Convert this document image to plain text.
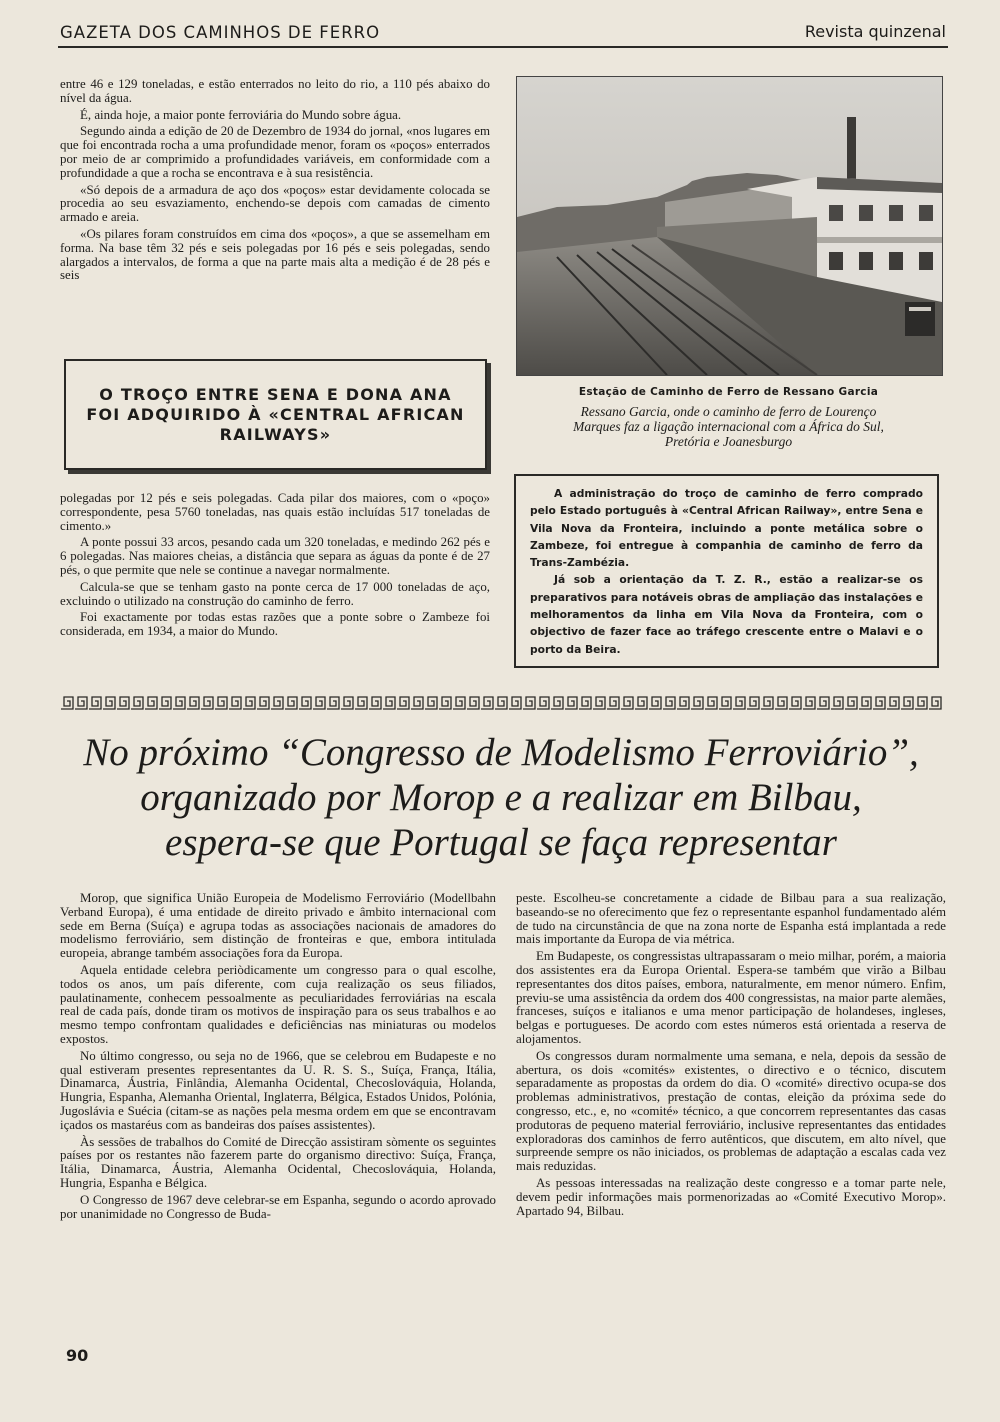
GAZETA DOS CAMINHOS DE FERRO	Revista quinzenal

entre 46 e 129 toneladas, e estão enterrados no leito do rio, a 110 pés abaixo do nível da água.

É, ainda hoje, a maior ponte ferroviária do Mundo sobre água.

Segundo ainda a edição de 20 de Dezembro de 1934 do jornal, «nos lugares em que foi encontrada rocha a uma profundidade menor, foram os «poços» enterrados por meio de ar comprimido a profundidades variáveis, em conformidade com a profundidade a que a rocha se encontrava e à sua resistência.

«Só depois de a armadura de aço dos «poços» estar devidamente colocada se procedia ao seu esvaziamento, enchendo-se depois com camadas de cimento armado e areia.

«Os pilares foram construídos em cima dos «poços», a que se assemelham em forma. Na base têm 32 pés e seis polegadas por 16 pés e seis polegadas, sendo alargados a intervalos, de forma a que na parte mais alta a medição é de 28 pés e seis

O TROÇO ENTRE SENA E DONA ANA
FOI ADQUIRIDO À «CENTRAL AFRICAN
RAILWAYS»

polegadas por 12 pés e seis polegadas. Cada pilar dos maiores, com o «poço» correspondente, pesa 5760 toneladas, nas quais estão incluídas 517 toneladas de cimento.»

A ponte possui 33 arcos, pesando cada um 320 toneladas, e medindo 262 pés e 6 polegadas. Nas maiores cheias, a distância que separa as águas da ponte é de 27 pés, o que permite que nele se continue a navegar normalmente.

Calcula-se que se tenham gasto na ponte cerca de 17 000 toneladas de aço, excluindo o utilizado na construção do caminho de ferro.

Foi exactamente por todas estas razões que a ponte sobre o Zambeze foi considerada, em 1934, a maior do Mundo.

Estação de Caminho de Ferro de Ressano Garcia
Ressano Garcia, onde o caminho de ferro de Lourenço
Marques faz a ligação internacional com a África do Sul,
Pretória e Joanesburgo

A administração do troço de caminho de ferro comprado pelo Estado português à «Central African Railway», entre Sena e Vila Nova da Fronteira, incluindo a ponte metálica sobre o Zambeze, foi entregue à companhia de caminho de ferro da Trans-Zambézia.

Já sob a orientação da T. Z. R., estão a realizar-se os preparativos para notáveis obras de ampliação das instalações e melhoramentos da linha em Vila Nova da Fronteira, com o objectivo de fazer face ao tráfego crescente entre o Malavi e o porto da Beira.

No próximo “Congresso de Modelismo Ferroviário”,
organizado por Morop e a realizar em Bilbau,
espera-se que Portugal se faça representar

Morop, que significa União Europeia de Modelismo Ferroviário (Modellbahn Verband Europa), é uma entidade de direito privado e âmbito internacional com sede em Berna (Suíça) e agrupa todas as associações nacionais de amadores do modelismo ferroviário, sem distinção de fronteiras e que, embora intitulada europeia, abrange também associações fora da Europa.

Aquela entidade celebra periòdicamente um congresso para o qual escolhe, todos os anos, um país diferente, com cuja realização os seus filiados, paulatinamente, conhecem pessoalmente as peculiaridades ferroviárias na escala real de cada país, donde tiram os motivos de inspiração para os seus trabalhos e ao mesmo tempo confrontam qualidades e deficiências nas miniaturas ou modelos expostos.

No último congresso, ou seja no de 1966, que se celebrou em Budapeste e no qual estiveram presentes representantes da U. R. S. S., Suíça, França, Itália, Dinamarca, Áustria, Finlândia, Alemanha Ocidental, Checoslováquia, Holanda, Hungria, Espanha, Alemanha Oriental, Inglaterra, Bélgica, Estados Unidos, Polónia, Jugoslávia e Suécia (citam-se as nações pela mesma ordem em que se encontravam içados os mastaréus com as bandeiras dos países assistentes).

Às sessões de trabalhos do Comité de Direcção assistiram sòmente os seguintes países por os restantes não fazerem parte do organismo directivo: Suíça, França, Itália, Dinamarca, Áustria, Alemanha Ocidental, Checoslováquia, Holanda, Hungria, Espanha e Bélgica.

O Congresso de 1967 deve celebrar-se em Espanha, segundo o acordo aprovado por unanimidade no Congresso de Buda-

peste. Escolheu-se concretamente a cidade de Bilbau para a sua realização, baseando-se no oferecimento que fez o representante espanhol fundamentado além de tudo na circunstância de que na zona norte de Espanha está implantada a rede mais importante da Europa de via métrica.

Em Budapeste, os congressistas ultrapassaram o meio milhar, porém, a maioria dos assistentes era da Europa Oriental. Espera-se também que virão a Bilbau representantes dos ditos países, embora, naturalmente, em menor número. Enfim, previu-se uma assistência da ordem dos 400 congressistas, na maior parte alemães, franceses, suíços e italianos e uma menor participação de holandeses, ingleses, belgas e portugueses. De acordo com estes números está orientada a reserva de alojamentos.

Os congressos duram normalmente uma semana, e nela, depois da sessão de abertura, os dois «comités» existentes, o directivo e o técnico, discutem separadamente as propostas da ordem do dia. O «comité» directivo ocupa-se dos problemas administrativos, prestação de contas, eleição da próxima sede do congresso, etc., e, no «comité» técnico, a que concorrem representantes das casas produtoras de pequeno material ferroviário, inclusive representantes das entidades exploradoras dos caminhos de ferro autênticos, que discutem, em alto nível, que surpreende sempre os não iniciados, os problemas de adaptação a escalas cada vez mais reduzidas.

As pessoas interessadas na realização deste congresso e a tomar parte nele, devem pedir informações mais pormenorizadas ao «Comité Executivo Morop». Apartado 94, Bilbau.

90
